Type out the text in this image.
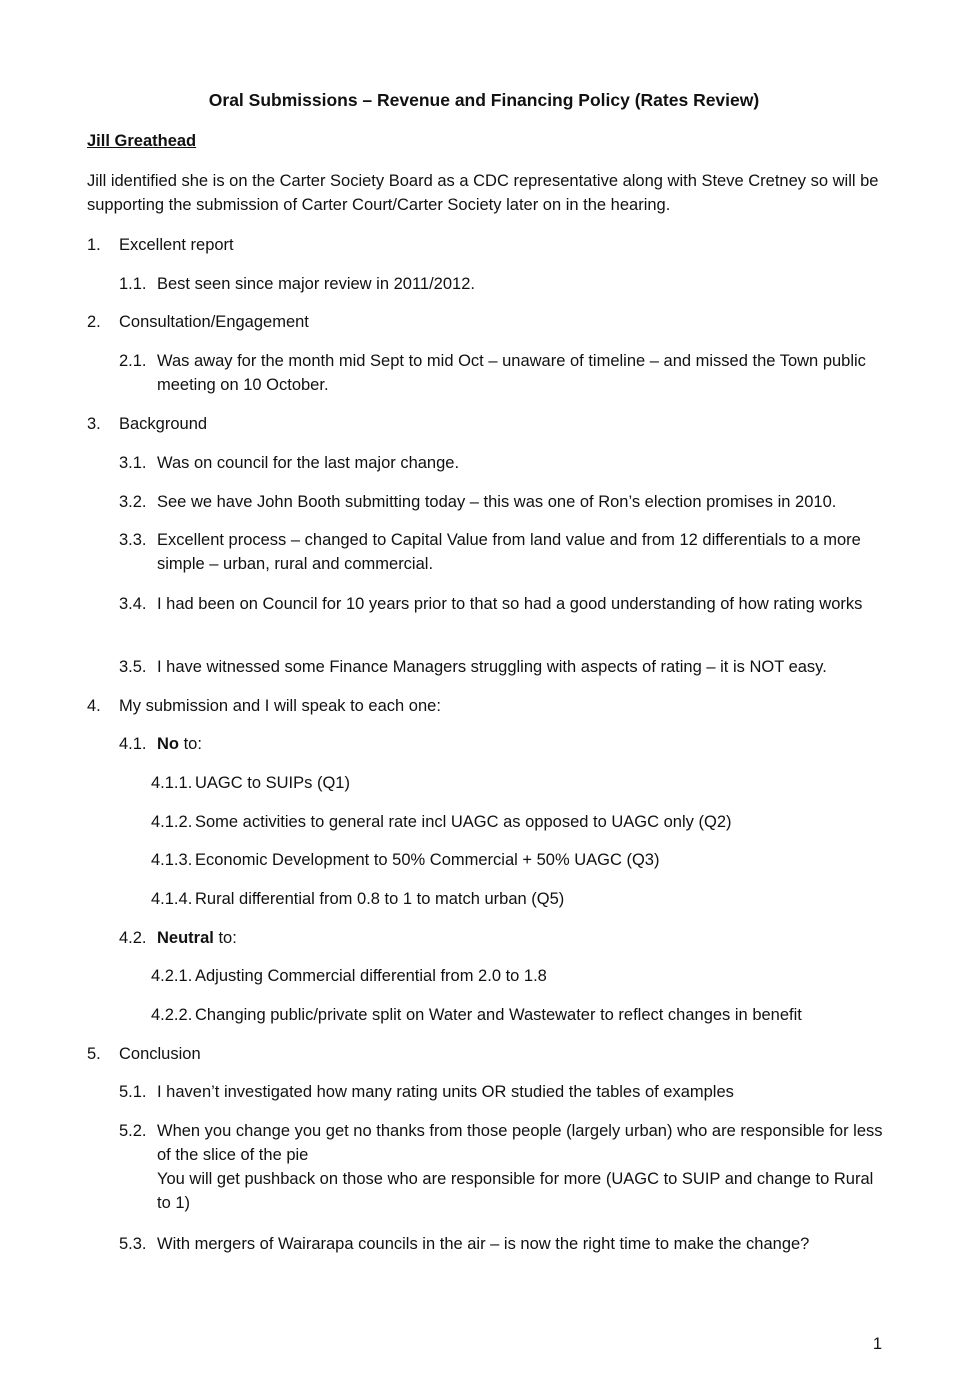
Oral Submissions – Revenue and Financing Policy (Rates Review)
Jill Greathead
Jill identified she is on the Carter Society Board as a CDC representative along with Steve Cretney so will be supporting the submission of Carter Court/Carter Society later on in the hearing.
1. Excellent report
1.1. Best seen since major review in 2011/2012.
2. Consultation/Engagement
2.1. Was away for the month mid Sept to mid Oct – unaware of timeline – and missed the Town public meeting on 10 October.
3. Background
3.1. Was on council for the last major change.
3.2. See we have John Booth submitting today – this was one of Ron’s election promises in 2010.
3.3. Excellent process – changed to Capital Value from land value and from 12 differentials to a more simple – urban, rural and commercial.
3.4. I had been on Council for 10 years prior to that so had a good understanding of how rating works
3.5. I have witnessed some Finance Managers struggling with aspects of rating – it is NOT easy.
4. My submission and I will speak to each one:
4.1. No to:
4.1.1. UAGC to SUIPs (Q1)
4.1.2. Some activities to general rate incl UAGC as opposed to UAGC only (Q2)
4.1.3. Economic Development to 50% Commercial + 50% UAGC (Q3)
4.1.4. Rural differential from 0.8 to 1 to match urban (Q5)
4.2. Neutral to:
4.2.1. Adjusting Commercial differential from 2.0 to 1.8
4.2.2. Changing public/private split on Water and Wastewater to reflect changes in benefit
5. Conclusion
5.1. I haven’t investigated how many rating units OR studied the tables of examples
5.2. When you change you get no thanks from those people (largely urban) who are responsible for less of the slice of the pie
You will get pushback on those who are responsible for more (UAGC to SUIP and change to Rural to 1)
5.3. With mergers of Wairarapa councils in the air – is now the right time to make the change?
1
